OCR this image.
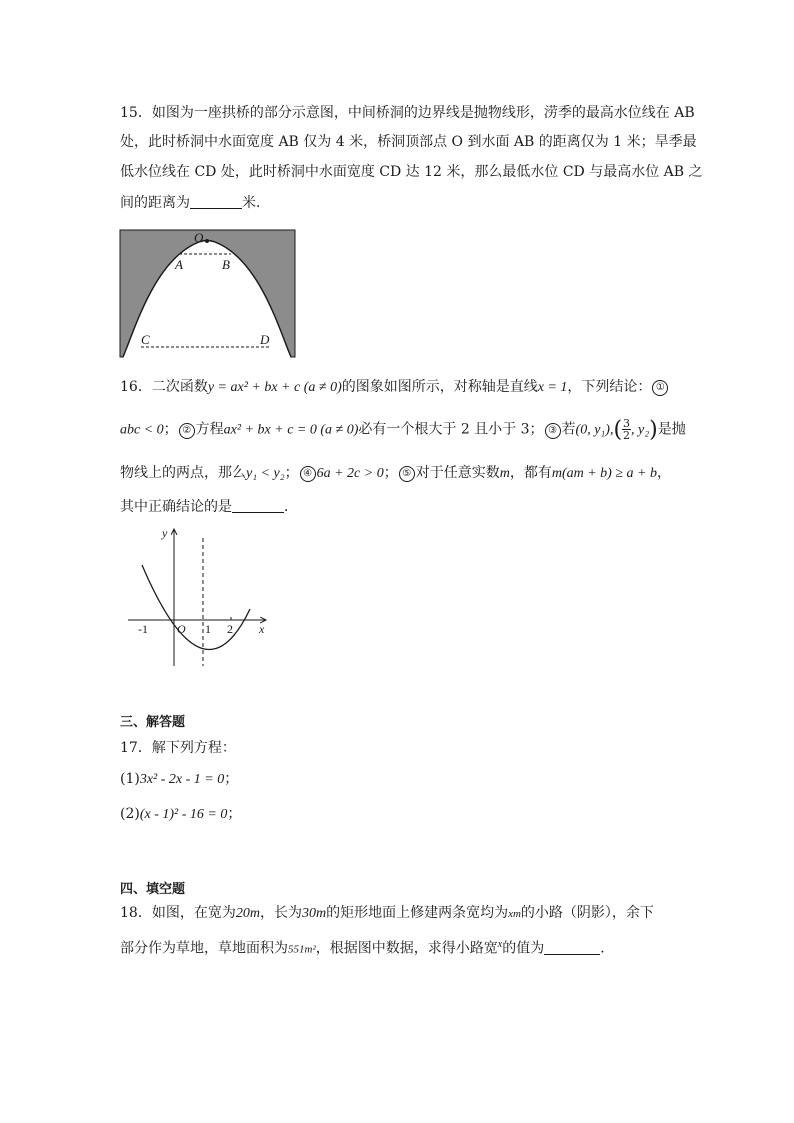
15．如图为一座拱桥的部分示意图，中间桥洞的边界线是抛物线形，涝季的最高水位线在 AB
处，此时桥洞中水面宽度 AB 仅为 4 米，桥洞顶部点 O 到水面 AB 的距离仅为 1 米；旱季最
低水位线在 CD 处，此时桥洞中水面宽度 CD 达 12 米，那么最低水位 CD 与最高水位 AB 之
间的距离为	米．
O
A	B
C	D
16．二次函数y = ax² + bx + c (a ≠ 0)的图象如图所示，对称轴是直线x = 1，下列结论： ①
abc < 0； ② 方程ax² + bx + c = 0 (a ≠ 0)必有一个根大于 2 且小于 3； ③ 若(0, $y_1),( \frac{3}{2}$ , y₂)是抛
物线上的两点，那么y₁ < y₂； ④ 6a + 2c > 0； ⑤ 对于任意实数m，都有m(am + b) ≥ a + b，
其中正确结论的是	．
y
x
O
-1	1 2
三、解答题
17．解下列方程：
(1)3x² - 2x - 1 = 0；
(2)(x - 1)² - 16 = 0；
四、填空题
18．如图，在宽为20m，长为30m的矩形地面上修建两条宽均为xm的小路（阴影），余下
部分作为草地，草地面积为551m²，根据图中数据，求得小路宽$^x$的值为	．
